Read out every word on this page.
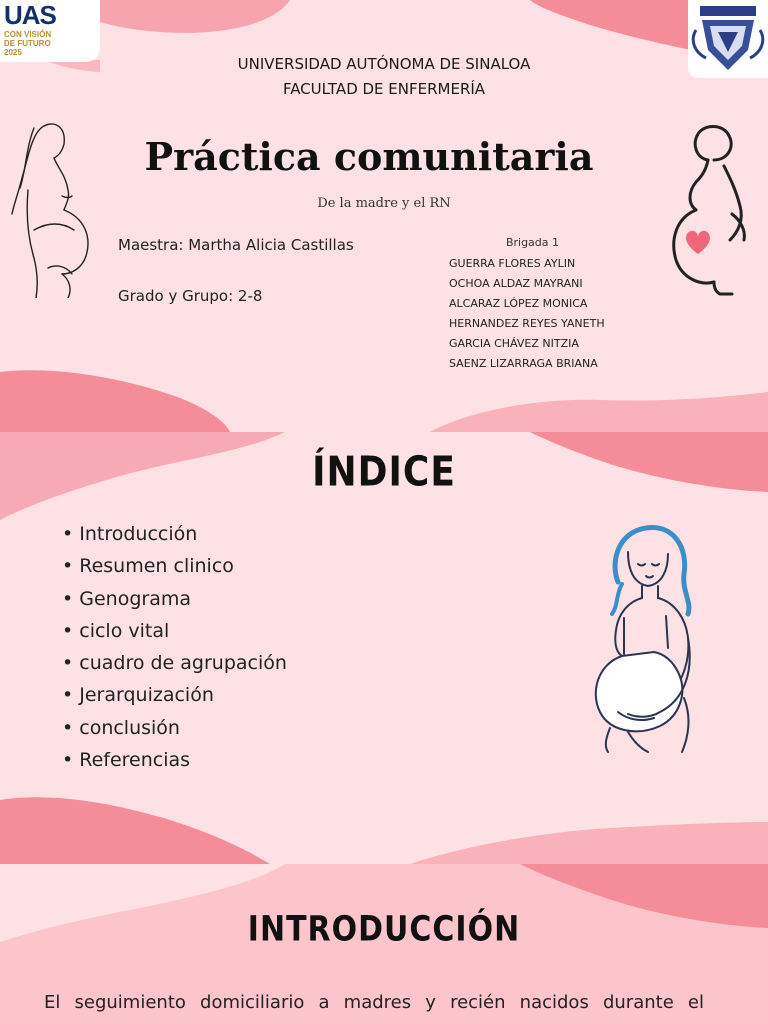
UAS
CON VISIÓN DE FUTURO 2025
UNIVERSIDAD AUTÓNOMA DE SINALOA
FACULTAD DE ENFERMERÍA
Práctica comunitaria
De la madre y el RN
Maestra: Martha Alicia Castillas
Grado y Grupo: 2-8
Brigada 1
GUERRA FLORES AYLIN
OCHOA ALDAZ MAYRANI
ALCARAZ LÓPEZ MONICA
HERNANDEZ REYES YANETH
GARCIA CHÁVEZ NITZIA
SAENZ LIZARRAGA BRIANA
ÍNDICE
• Introducción
• Resumen clinico
• Genograma
• ciclo vital
• cuadro de agrupación
• Jerarquización
• conclusión
• Referencias
INTRODUCCIÓN
El seguimiento domiciliario a madres y recién nacidos durante el
